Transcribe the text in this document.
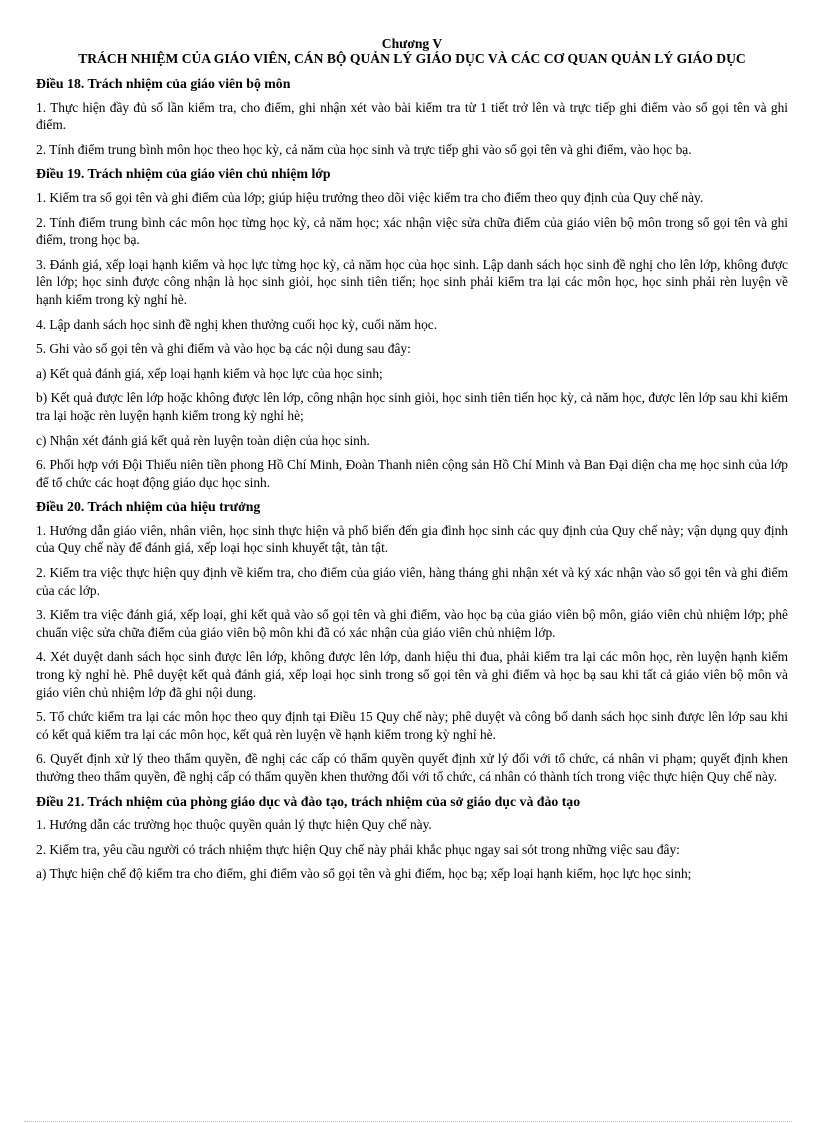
Chương V
TRÁCH NHIỆM CỦA GIÁO VIÊN, CÁN BỘ QUẢN LÝ GIÁO DỤC VÀ CÁC CƠ QUAN QUẢN LÝ GIÁO DỤC
Điều 18. Trách nhiệm của giáo viên bộ môn

1. Thực hiện đầy đủ số lần kiểm tra, cho điểm, ghi nhận xét vào bài kiểm tra từ 1 tiết trở lên và trực tiếp ghi điểm vào sổ gọi tên và ghi điểm.

2. Tính điểm trung bình môn học theo học kỳ, cả năm của học sinh và trực tiếp ghi vào sổ gọi tên và ghi điểm, vào học bạ.

Điều 19. Trách nhiệm của giáo viên chủ nhiệm lớp

1. Kiểm tra sổ gọi tên và ghi điểm của lớp; giúp hiệu trưởng theo dõi việc kiểm tra cho điểm theo quy định của Quy chế này.

2. Tính điểm trung bình các môn học từng học kỳ, cả năm học; xác nhận việc sửa chữa điểm của giáo viên bộ môn trong sổ gọi tên và ghi điểm, trong học bạ.

3. Đánh giá, xếp loại hạnh kiểm và học lực từng học kỳ, cả năm học của học sinh. Lập danh sách học sinh đề nghị cho lên lớp, không được lên lớp; học sinh được công nhận là học sinh giỏi, học sinh tiên tiến; học sinh phải kiểm tra lại các môn học, học sinh phải rèn luyện về hạnh kiểm trong kỳ nghỉ hè.

4. Lập danh sách học sinh đề nghị khen thưởng cuối học kỳ, cuối năm học.

5. Ghi vào sổ gọi tên và ghi điểm và vào học bạ các nội dung sau đây:

a) Kết quả đánh giá, xếp loại hạnh kiểm và học lực của học sinh;

b) Kết quả được lên lớp hoặc không được lên lớp, công nhận học sinh giỏi, học sinh tiên tiến học kỳ, cả năm học, được lên lớp sau khi kiểm tra lại hoặc rèn luyện hạnh kiểm trong kỳ nghỉ hè;

c) Nhận xét đánh giá kết quả rèn luyện toàn diện của học sinh.

6. Phối hợp với Đội Thiếu niên tiền phong Hồ Chí Minh, Đoàn Thanh niên cộng sản Hồ Chí Minh và Ban Đại diện cha mẹ học sinh của lớp để tổ chức các hoạt động giáo dục học sinh.

Điều 20. Trách nhiệm của hiệu trưởng

1. Hướng dẫn giáo viên, nhân viên, học sinh thực hiện và phổ biến đến gia đình học sinh các quy định của Quy chế này; vận dụng quy định của Quy chế này để đánh giá, xếp loại học sinh khuyết tật, tàn tật.

2. Kiểm tra việc thực hiện quy định về kiểm tra, cho điểm của giáo viên, hàng tháng ghi nhận xét và ký xác nhận vào sổ gọi tên và ghi điểm của các lớp.

3. Kiểm tra việc đánh giá, xếp loại, ghi kết quả vào sổ gọi tên và ghi điểm, vào học bạ của giáo viên bộ môn, giáo viên chủ nhiệm lớp; phê chuẩn việc sửa chữa điểm của giáo viên bộ môn khi đã có xác nhận của giáo viên chủ nhiệm lớp.

4. Xét duyệt danh sách học sinh được lên lớp, không được lên lớp, danh hiệu thi đua, phải kiểm tra lại các môn học, rèn luyện hạnh kiểm trong kỳ nghỉ hè. Phê duyệt kết quả đánh giá, xếp loại học sinh trong sổ gọi tên và ghi điểm và học bạ sau khi tất cả giáo viên bộ môn và giáo viên chủ nhiệm lớp đã ghi nội dung.

5. Tổ chức kiểm tra lại các môn học theo quy định tại Điều 15 Quy chế này; phê duyệt và công bố danh sách học sinh được lên lớp sau khi có kết quả kiểm tra lại các môn học, kết quả rèn luyện về hạnh kiểm trong kỳ nghỉ hè.

6. Quyết định xử lý theo thẩm quyền, đề nghị các cấp có thẩm quyền quyết định xử lý đối với tổ chức, cá nhân vi phạm; quyết định khen thưởng theo thẩm quyền, đề nghị cấp có thẩm quyền khen thưởng đối với tổ chức, cá nhân có thành tích trong việc thực hiện Quy chế này.

Điều 21. Trách nhiệm của phòng giáo dục và đào tạo, trách nhiệm của sở giáo dục và đào tạo

1. Hướng dẫn các trường học thuộc quyền quản lý thực hiện Quy chế này.

2. Kiểm tra, yêu cầu người có trách nhiệm thực hiện Quy chế này phải khắc phục ngay sai sót trong những việc sau đây:

a) Thực hiện chế độ kiểm tra cho điểm, ghi điểm vào sổ gọi tên và ghi điểm, học bạ; xếp loại hạnh kiểm, học lực học sinh;
